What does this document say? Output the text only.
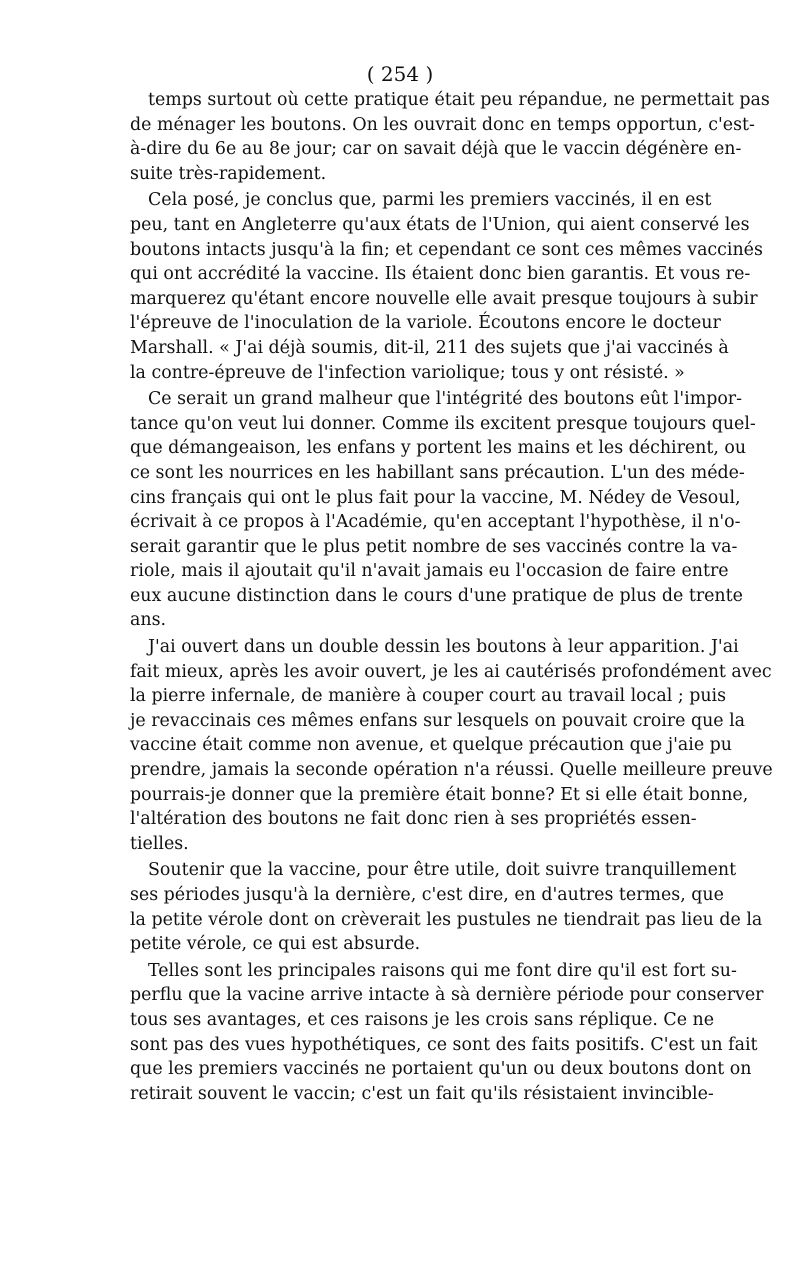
( 254 )
temps surtout où cette pratique était peu répandue, ne permettait pas
de ménager les boutons. On les ouvrait donc en temps opportun, c'est-
à-dire du 6e au 8e jour; car on savait déjà que le vaccin dégénère en-
suite très-rapidement.
Cela posé, je conclus que, parmi les premiers vaccinés, il en est
peu, tant en Angleterre qu'aux états de l'Union, qui aient conservé les
boutons intacts jusqu'à la fin; et cependant ce sont ces mêmes vaccinés
qui ont accrédité la vaccine. Ils étaient donc bien garantis. Et vous re-
marquerez qu'étant encore nouvelle elle avait presque toujours à subir
l'épreuve de l'inoculation de la variole. Écoutons encore le docteur
Marshall. « J'ai déjà soumis, dit-il, 211 des sujets que j'ai vaccinés à
la contre-épreuve de l'infection variolique; tous y ont résisté. »
Ce serait un grand malheur que l'intégrité des boutons eût l'impor-
tance qu'on veut lui donner. Comme ils excitent presque toujours quel-
que démangeaison, les enfans y portent les mains et les déchirent, ou
ce sont les nourrices en les habillant sans précaution. L'un des méde-
cins français qui ont le plus fait pour la vaccine, M. Nédey de Vesoul,
écrivait à ce propos à l'Académie, qu'en acceptant l'hypothèse, il n'o-
serait garantir que le plus petit nombre de ses vaccinés contre la va-
riole, mais il ajoutait qu'il n'avait jamais eu l'occasion de faire entre
eux aucune distinction dans le cours d'une pratique de plus de trente
ans.
J'ai ouvert dans un double dessin les boutons à leur apparition. J'ai
fait mieux, après les avoir ouvert, je les ai cautérisés profondément avec
la pierre infernale, de manière à couper court au travail local ; puis
je revaccinais ces mêmes enfans sur lesquels on pouvait croire que la
vaccine était comme non avenue, et quelque précaution que j'aie pu
prendre, jamais la seconde opération n'a réussi. Quelle meilleure preuve
pourrais-je donner que la première était bonne? Et si elle était bonne,
l'altération des boutons ne fait donc rien à ses propriétés essen-
tielles.
Soutenir que la vaccine, pour être utile, doit suivre tranquillement
ses périodes jusqu'à la dernière, c'est dire, en d'autres termes, que
la petite vérole dont on crèverait les pustules ne tiendrait pas lieu de la
petite vérole, ce qui est absurde.
Telles sont les principales raisons qui me font dire qu'il est fort su-
perflu que la vacine arrive intacte à sà dernière période pour conserver
tous ses avantages, et ces raisons je les crois sans réplique. Ce ne
sont pas des vues hypothétiques, ce sont des faits positifs. C'est un fait
que les premiers vaccinés ne portaient qu'un ou deux boutons dont on
retirait souvent le vaccin; c'est un fait qu'ils résistaient invincible-
